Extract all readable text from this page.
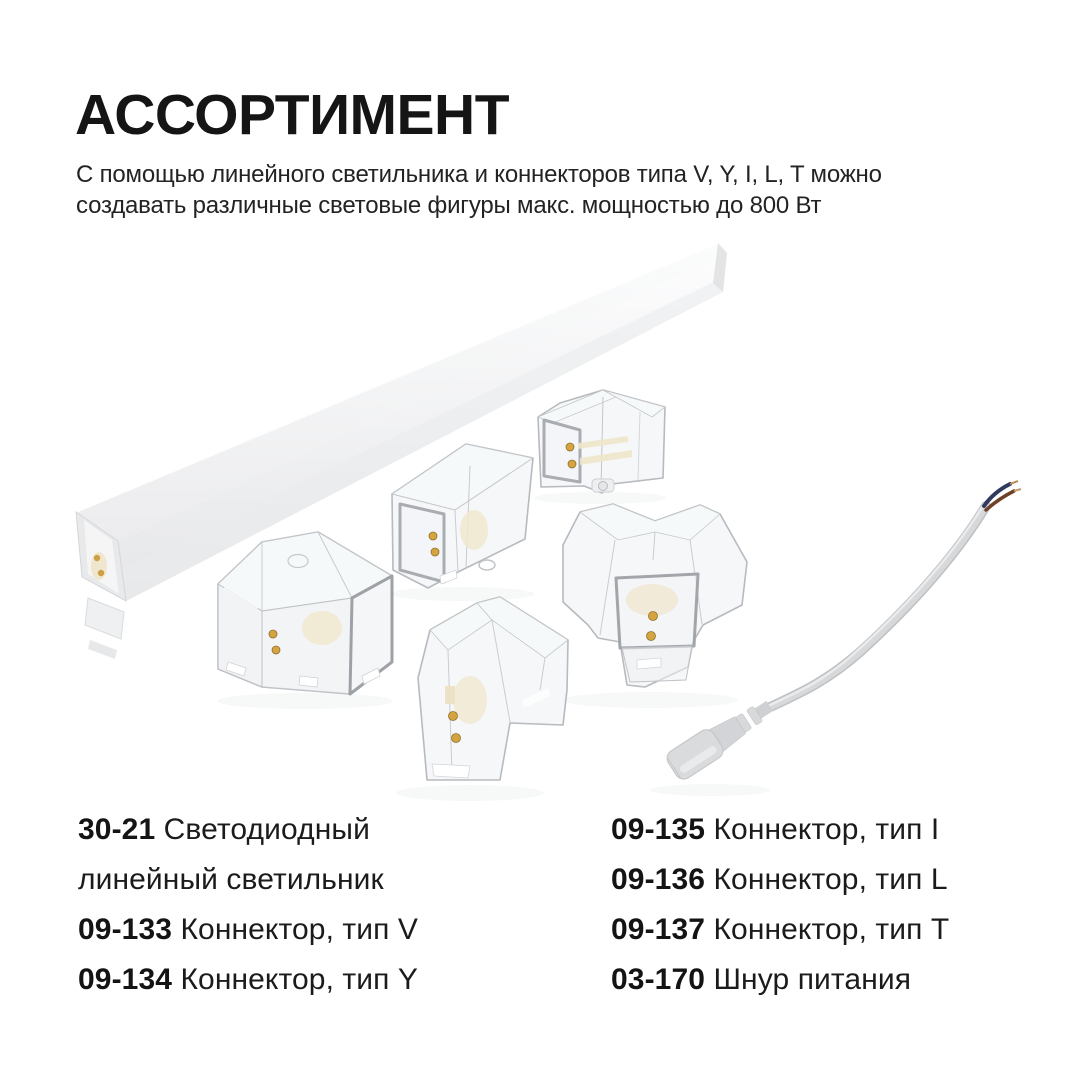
АССОРТИМЕНТ
С помощью линейного светильника и коннекторов типа V, Y, I, L, T можно
создавать различные световые фигуры макс. мощностью до 800 Вт
30-21 Светодиодный линейный светильник
09-133 Коннектор, тип V
09-134 Коннектор, тип Y
09-135 Коннектор, тип I
09-136 Коннектор, тип L
09-137 Коннектор, тип T
03-170 Шнур питания
